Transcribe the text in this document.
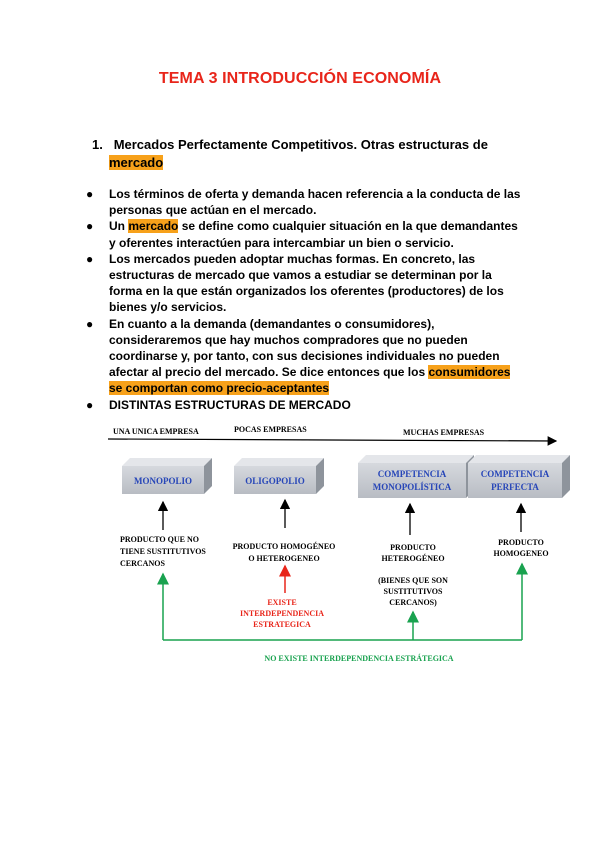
TEMA 3 INTRODUCCIÓN ECONOMÍA
1. Mercados Perfectamente Competitivos. Otras estructuras de
mercado
● Los términos de oferta y demanda hacen referencia a la conducta de las personas que actúan en el mercado.
● Un mercado se define como cualquier situación en la que demandantes y oferentes interactúen para intercambiar un bien o servicio.
● Los mercados pueden adoptar muchas formas. En concreto, las estructuras de mercado que vamos a estudiar se determinan por la forma en la que están organizados los oferentes (productores) de los bienes y/o servicios.
● En cuanto a la demanda (demandantes o consumidores), consideraremos que hay muchos compradores que no pueden coordinarse y, por tanto, con sus decisiones individuales no pueden afectar al precio del mercado. Se dice entonces que los consumidores se comportan como precio-aceptantes
● DISTINTAS ESTRUCTURAS DE MERCADO
UNA UNICA EMPRESA	POCAS EMPRESAS	MUCHAS EMPRESAS
MONOPOLIO	OLIGOPOLIO
COMPETENCIA
MONOPOLÍSTICA
COMPETENCIA
PERFECTA
PRODUCTO QUE NO
TIENE SUSTITUTIVOS
CERCANOS
PRODUCTO HOMOGÉNEO
O HETEROGENEO
PRODUCTO
HETEROGÉNEO
(BIENES QUE SON
SUSTITUTIVOS
CERCANOS)
PRODUCTO
HOMOGENEO
EXISTE
INTERDEPENDENCIA
ESTRATEGICA
NO EXISTE INTERDEPENDENCIA ESTRÁTEGICA
